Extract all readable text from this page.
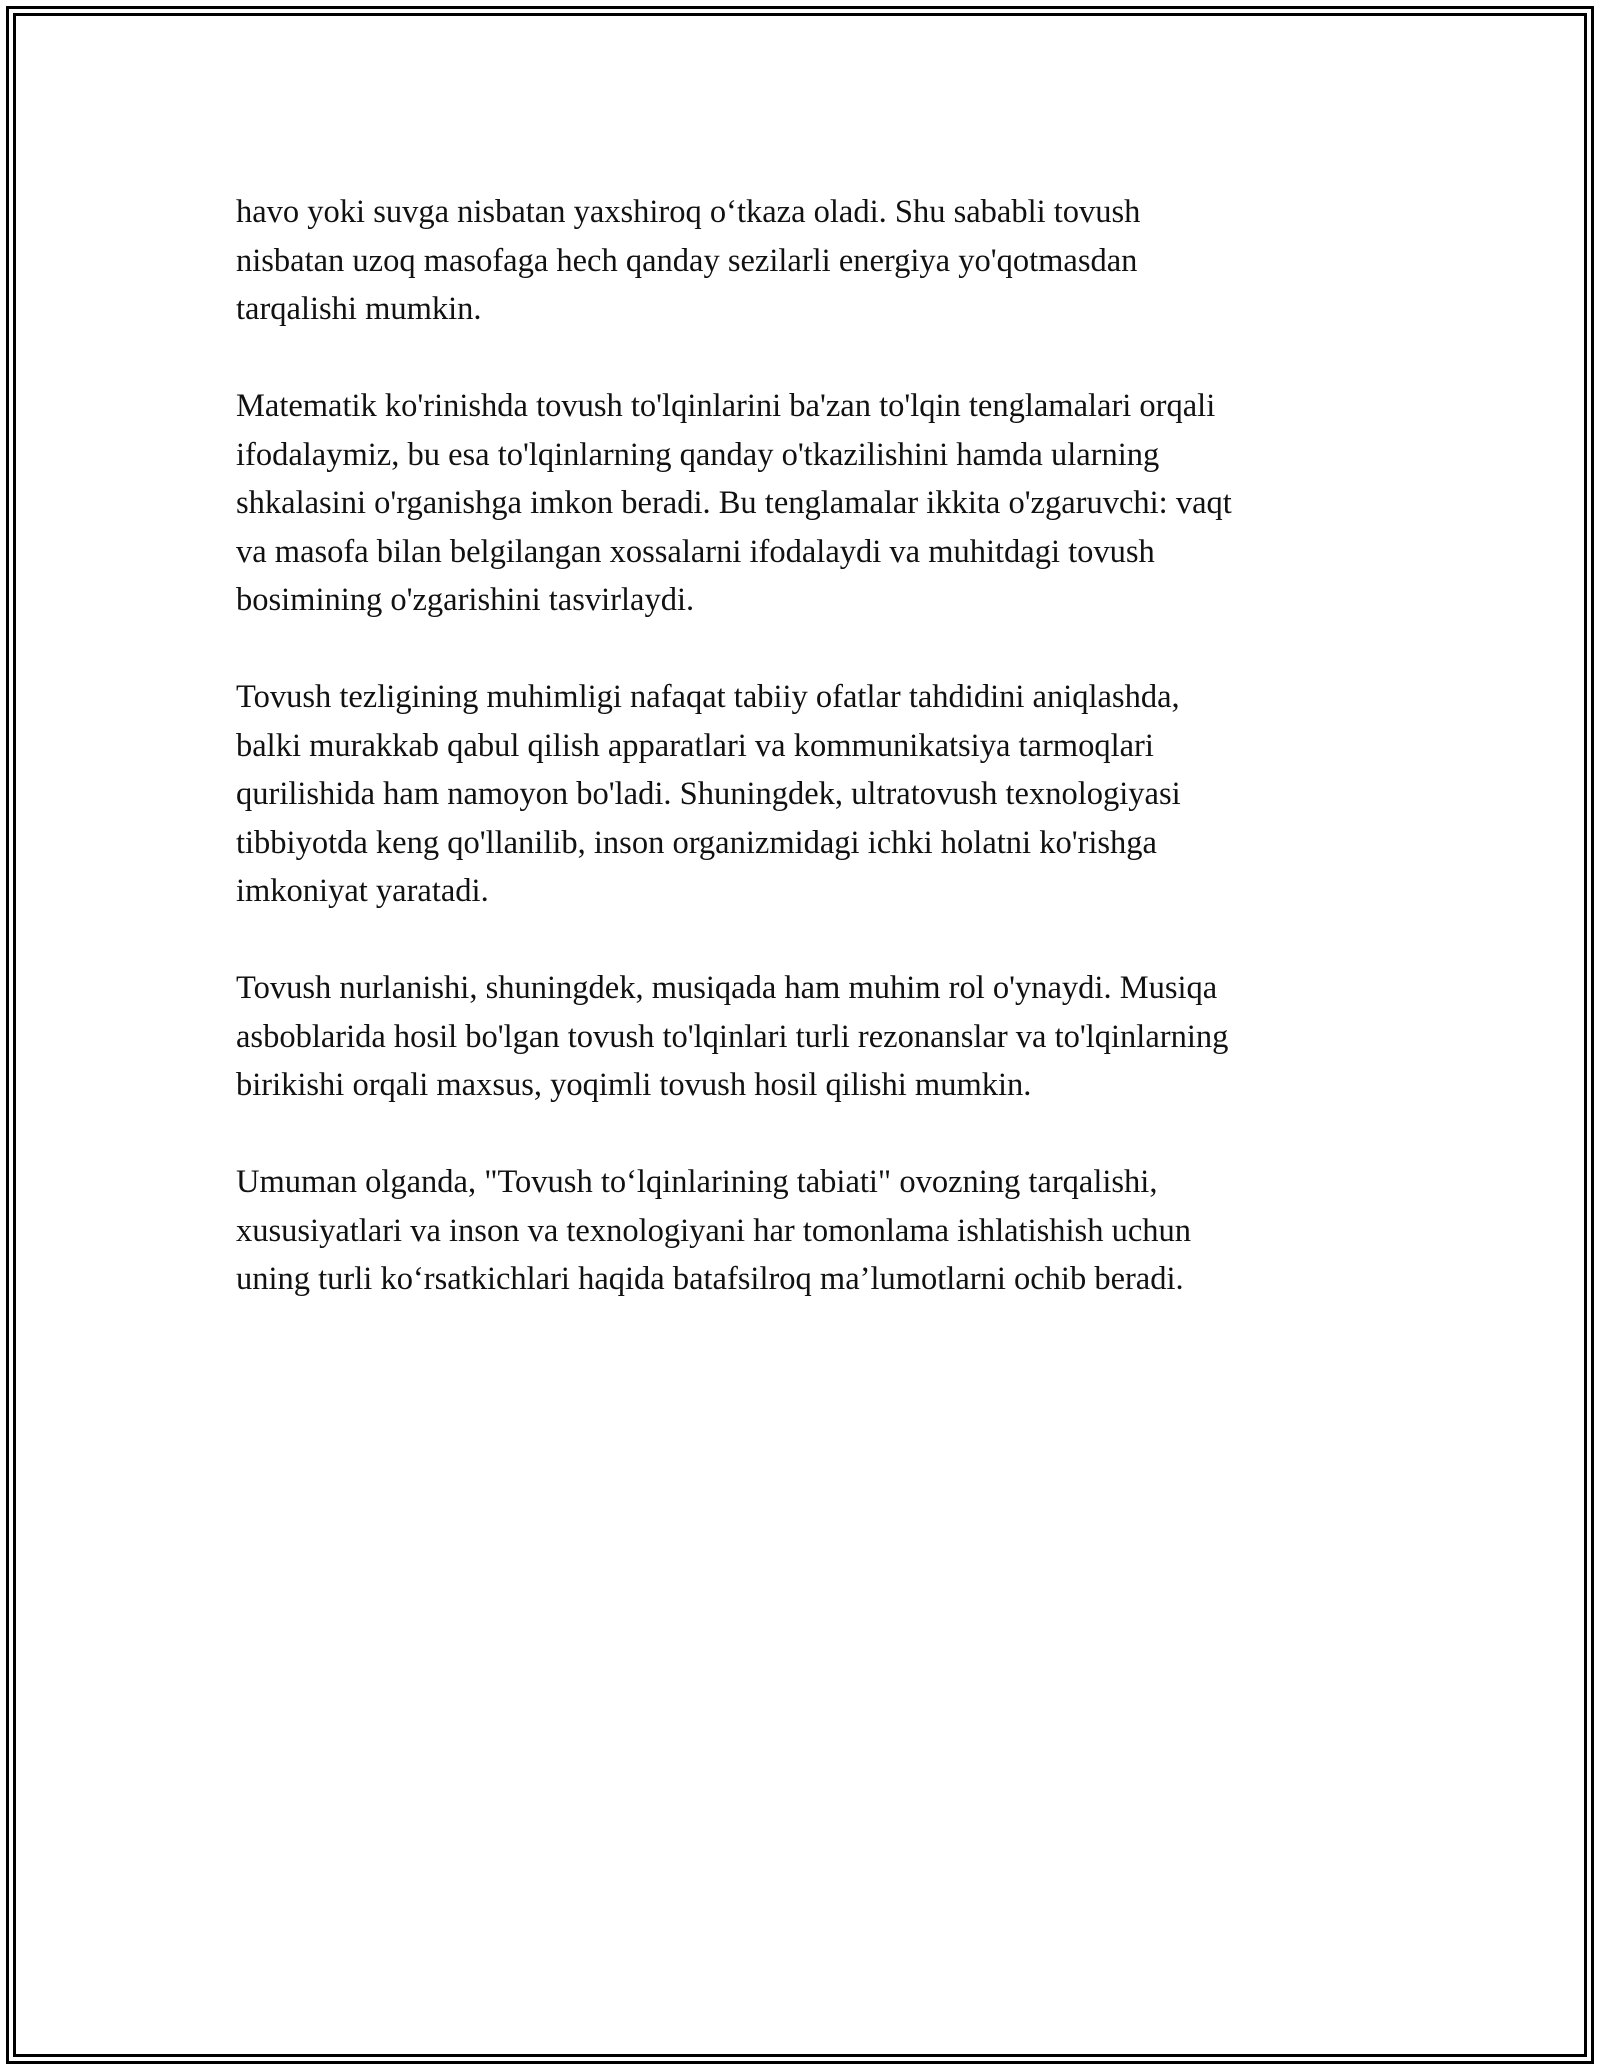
havo yoki suvga nisbatan yaxshiroq o‘tkaza oladi. Shu sababli tovush
nisbatan uzoq masofaga hech qanday sezilarli energiya yo'qotmasdan
tarqalishi mumkin.

Matematik ko'rinishda tovush to'lqinlarini ba'zan to'lqin tenglamalari orqali
ifodalaymiz, bu esa to'lqinlarning qanday o'tkazilishini hamda ularning
shkalasini o'rganishga imkon beradi. Bu tenglamalar ikkita o'zgaruvchi: vaqt
va masofa bilan belgilangan xossalarni ifodalaydi va muhitdagi tovush
bosimining o'zgarishini tasvirlaydi.

Tovush tezligining muhimligi nafaqat tabiiy ofatlar tahdidini aniqlashda,
balki murakkab qabul qilish apparatlari va kommunikatsiya tarmoqlari
qurilishida ham namoyon bo'ladi. Shuningdek, ultratovush texnologiyasi
tibbiyotda keng qo'llanilib, inson organizmidagi ichki holatni ko'rishga
imkoniyat yaratadi.

Tovush nurlanishi, shuningdek, musiqada ham muhim rol o'ynaydi. Musiqa
asboblarida hosil bo'lgan tovush to'lqinlari turli rezonanslar va to'lqinlarning
birikishi orqali maxsus, yoqimli tovush hosil qilishi mumkin.

Umuman olganda, "Tovush to‘lqinlarining tabiati" ovozning tarqalishi,
xususiyatlari va inson va texnologiyani har tomonlama ishlatishish uchun
uning turli ko‘rsatkichlari haqida batafsilroq ma’lumotlarni ochib beradi.
